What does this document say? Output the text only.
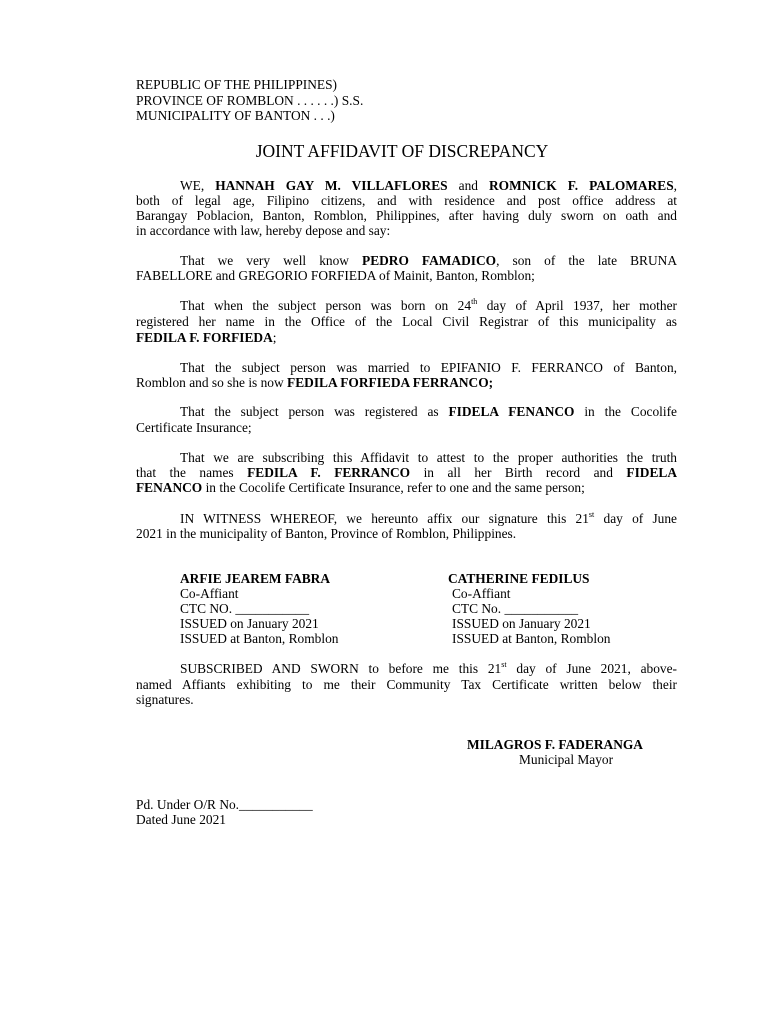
REPUBLIC OF THE PHILIPPINES)
PROVINCE OF ROMBLON . . . . . .) S.S.
MUNICIPALITY OF BANTON . . .)
JOINT AFFIDAVIT OF DISCREPANCY
WE, HANNAH GAY M. VILLAFLORES and ROMNICK F. PALOMARES,
both of legal age, Filipino citizens, and with residence and post office address at
Barangay Poblacion, Banton, Romblon, Philippines, after having duly sworn on oath and
in accordance with law, hereby depose and say:
That we very well know PEDRO FAMADICO, son of the late BRUNA
FABELLORE and GREGORIO FORFIEDA of Mainit, Banton, Romblon;
That when the subject person was born on 24th day of April 1937, her mother
registered her name in the Office of the Local Civil Registrar of this municipality as
FEDILA F. FORFIEDA;
That the subject person was married to EPIFANIO F. FERRANCO of Banton,
Romblon and so she is now FEDILA FORFIEDA FERRANCO;
That the subject person was registered as FIDELA FENANCO in the Cocolife
Certificate Insurance;
That we are subscribing this Affidavit to attest to the proper authorities the truth
that the names FEDILA F. FERRANCO in all her Birth record and FIDELA
FENANCO in the Cocolife Certificate Insurance, refer to one and the same person;
IN WITNESS WHEREOF, we hereunto affix our signature this 21st day of June
2021 in the municipality of Banton, Province of Romblon, Philippines.
ARFIE JEAREM FABRA
Co-Affiant
CTC NO. ___________
ISSUED on January 2021
ISSUED at Banton, Romblon
CATHERINE FEDILUS
Co-Affiant
CTC No. ___________
ISSUED on January 2021
ISSUED at Banton, Romblon
SUBSCRIBED AND SWORN to before me this 21st day of June 2021, above-
named Affiants exhibiting to me their Community Tax Certificate written below their
signatures.
MILAGROS F. FADERANGA
Municipal Mayor
Pd. Under O/R No.___________
Dated June 2021
